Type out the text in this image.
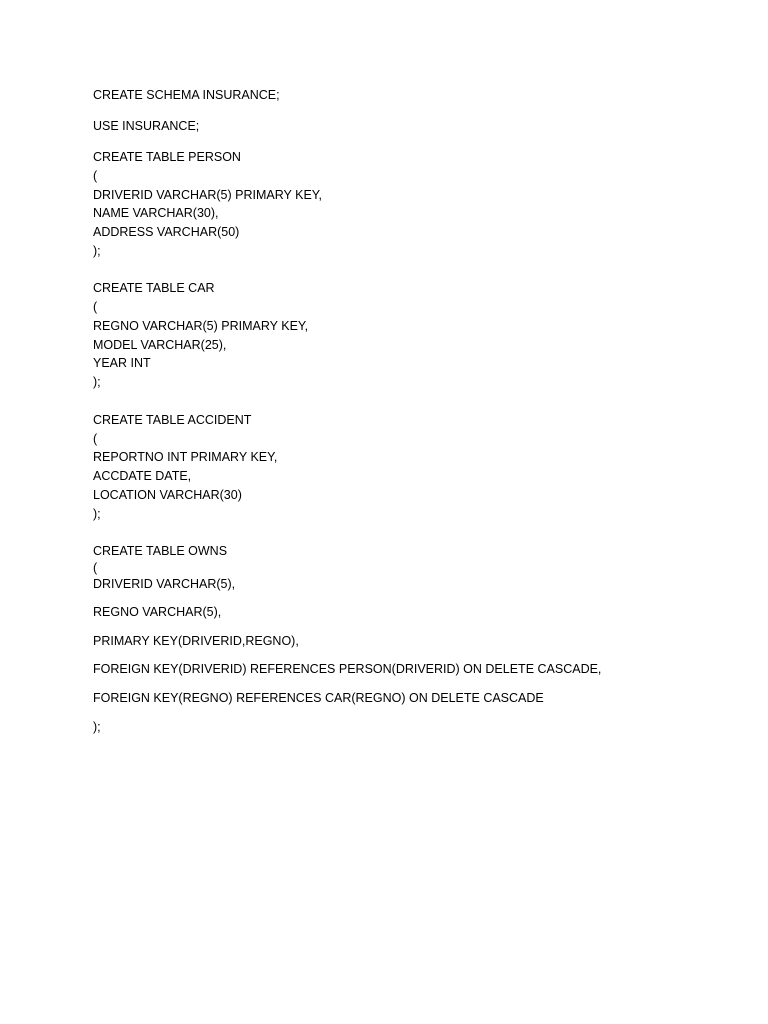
CREATE SCHEMA INSURANCE;

USE INSURANCE;

CREATE TABLE PERSON

(

DRIVERID VARCHAR(5) PRIMARY KEY,

NAME VARCHAR(30),

ADDRESS VARCHAR(50)

);

CREATE TABLE CAR

(

REGNO VARCHAR(5) PRIMARY KEY,

MODEL VARCHAR(25),

YEAR INT

);

CREATE TABLE ACCIDENT

(

REPORTNO INT PRIMARY KEY,

ACCDATE DATE,

LOCATION VARCHAR(30)

);

CREATE TABLE OWNS

(

DRIVERID VARCHAR(5),

REGNO VARCHAR(5),

PRIMARY KEY(DRIVERID,REGNO),

FOREIGN KEY(DRIVERID) REFERENCES PERSON(DRIVERID) ON DELETE CASCADE,

FOREIGN KEY(REGNO) REFERENCES CAR(REGNO) ON DELETE CASCADE

);
